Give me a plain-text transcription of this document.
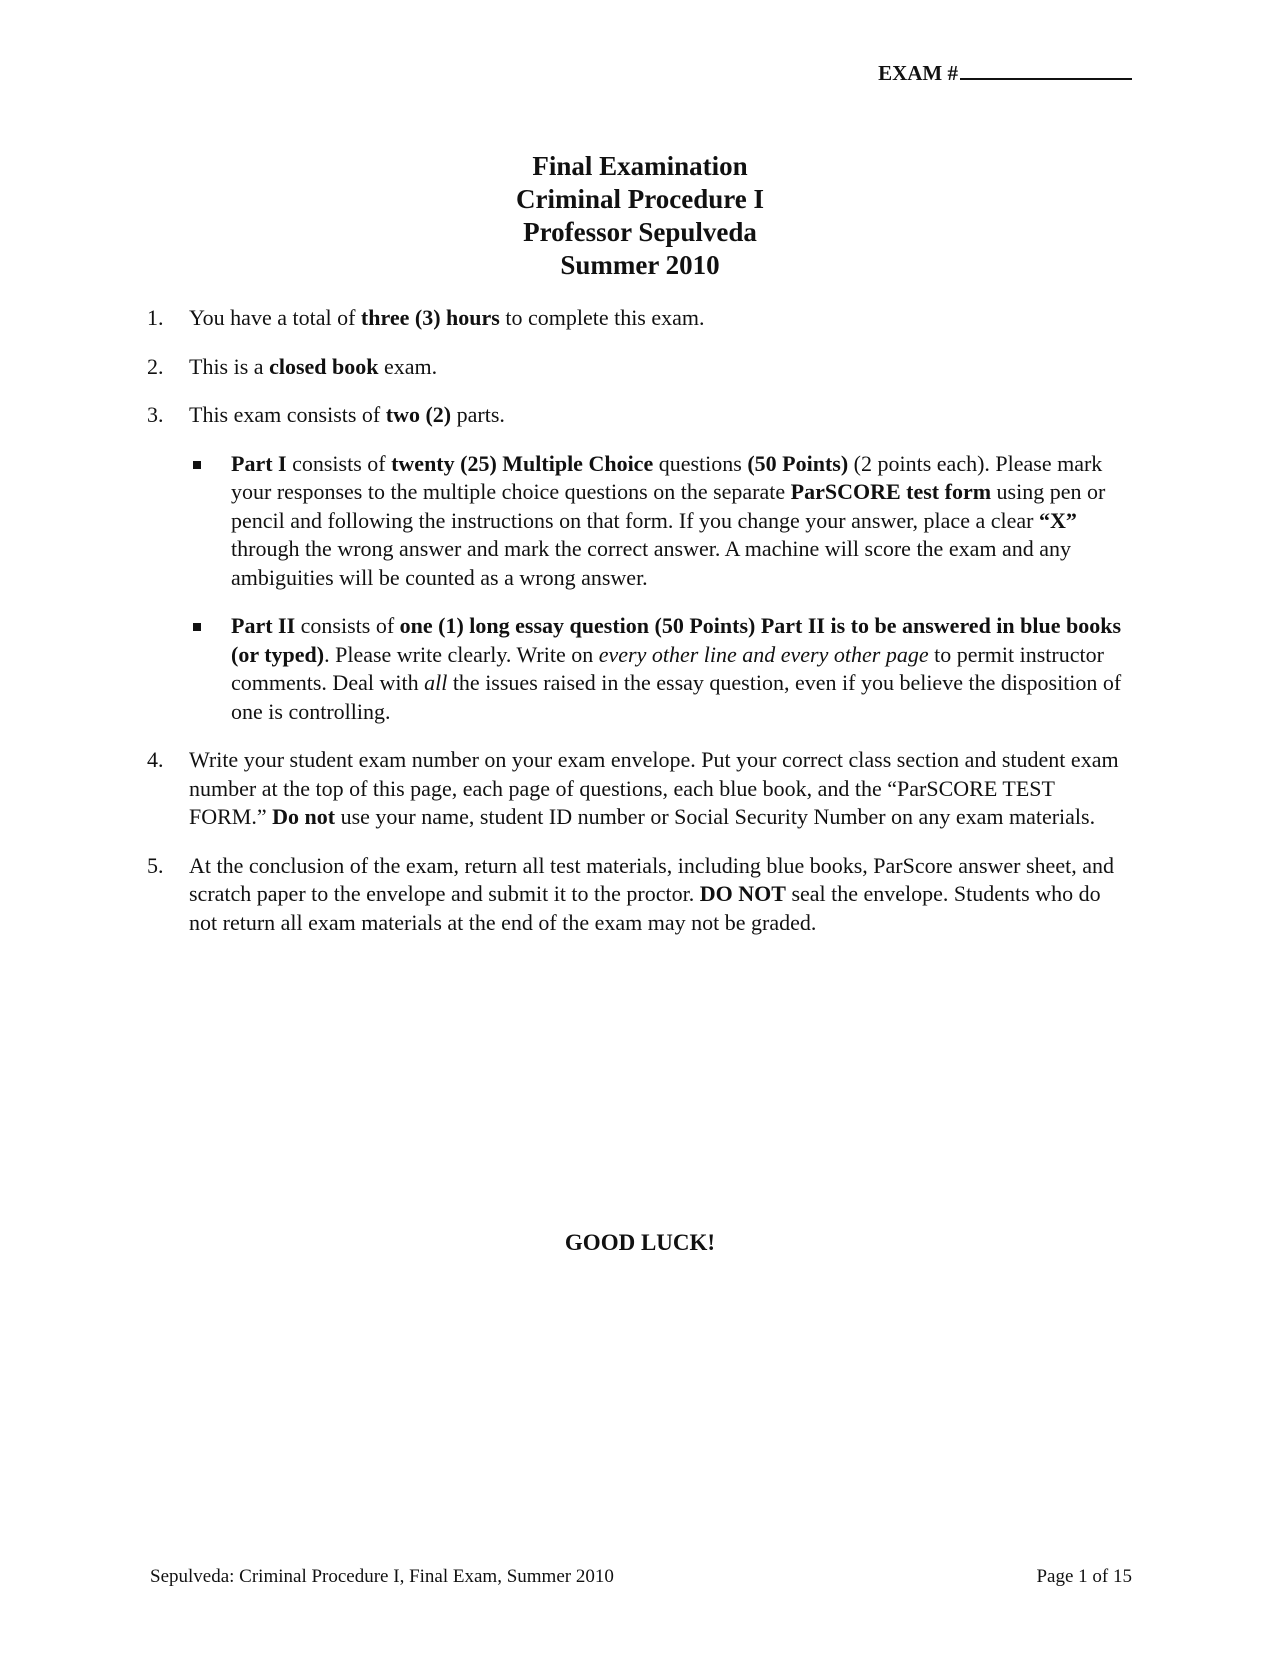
EXAM #
Final Examination
Criminal Procedure I
Professor Sepulveda
Summer 2010
1. You have a total of three (3) hours to complete this exam.
2. This is a closed book exam.
3. This exam consists of two (2) parts.
Part I consists of twenty (25) Multiple Choice questions (50 Points) (2 points each). Please mark your responses to the multiple choice questions on the separate ParSCORE test form using pen or pencil and following the instructions on that form. If you change your answer, place a clear “X” through the wrong answer and mark the correct answer. A machine will score the exam and any ambiguities will be counted as a wrong answer.
Part II consists of one (1) long essay question (50 Points) Part II is to be answered in blue books (or typed). Please write clearly. Write on every other line and every other page to permit instructor comments. Deal with all the issues raised in the essay question, even if you believe the disposition of one is controlling.
4. Write your student exam number on your exam envelope. Put your correct class section and student exam number at the top of this page, each page of questions, each blue book, and the “ParSCORE TEST FORM.” Do not use your name, student ID number or Social Security Number on any exam materials.
5. At the conclusion of the exam, return all test materials, including blue books, ParScore answer sheet, and scratch paper to the envelope and submit it to the proctor. DO NOT seal the envelope. Students who do not return all exam materials at the end of the exam may not be graded.
GOOD LUCK!
Sepulveda: Criminal Procedure I, Final Exam, Summer 2010	Page 1 of 15
